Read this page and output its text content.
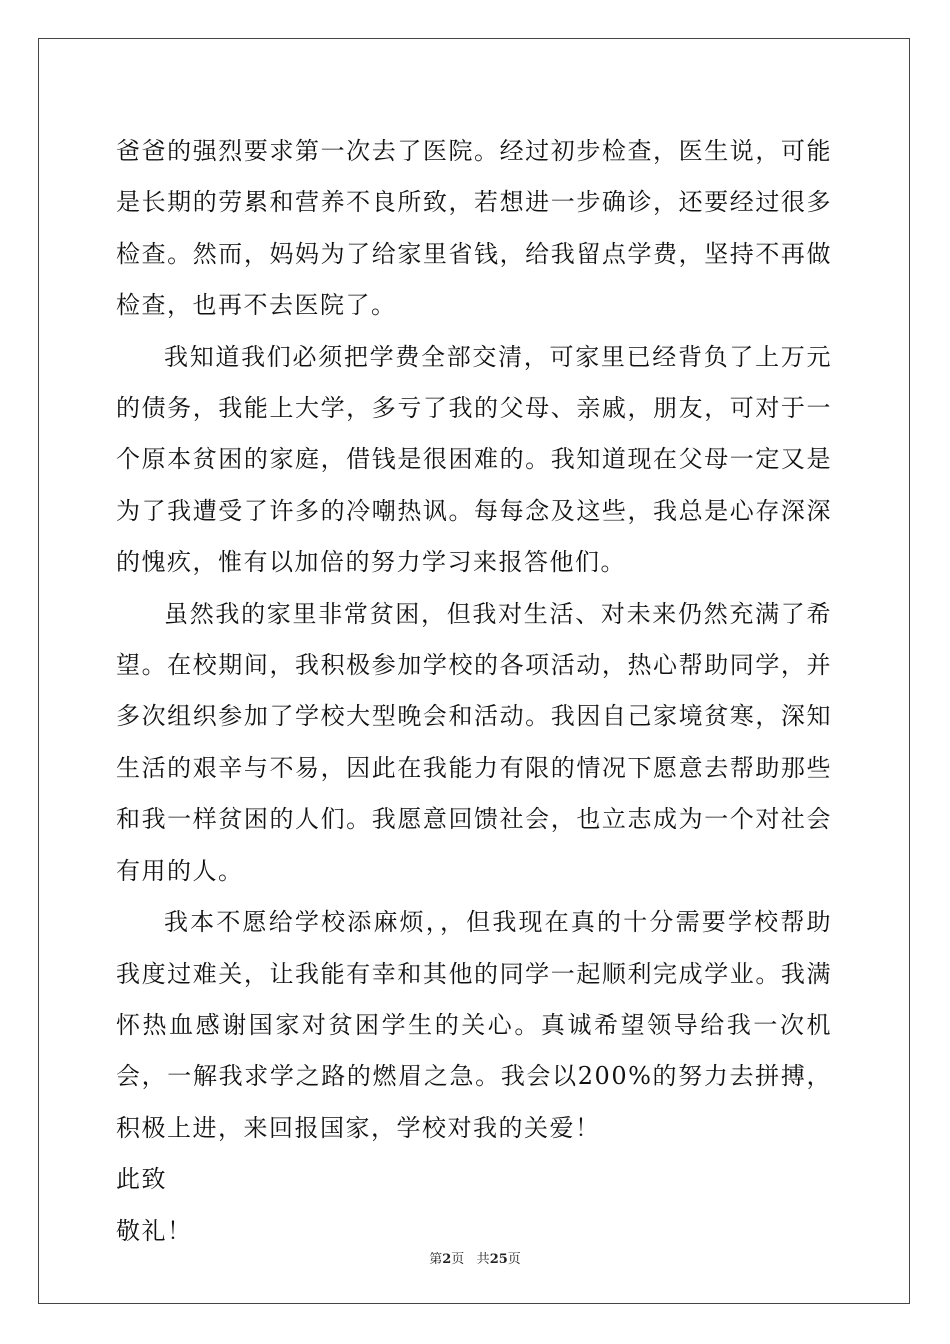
爸爸的强烈要求第一次去了医院。经过初步检查，医生说，可能是长期的劳累和营养不良所致，若想进一步确诊，还要经过很多检查。然而，妈妈为了给家里省钱，给我留点学费，坚持不再做检查，也再不去医院了。

我知道我们必须把学费全部交清，可家里已经背负了上万元的债务，我能上大学，多亏了我的父母、亲戚，朋友，可对于一个原本贫困的家庭，借钱是很困难的。我知道现在父母一定又是为了我遭受了许多的冷嘲热讽。每每念及这些，我总是心存深深的愧疚，惟有以加倍的努力学习来报答他们。

虽然我的家里非常贫困，但我对生活、对未来仍然充满了希望。在校期间，我积极参加学校的各项活动，热心帮助同学，并多次组织参加了学校大型晚会和活动。我因自己家境贫寒，深知生活的艰辛与不易，因此在我能力有限的情况下愿意去帮助那些和我一样贫困的人们。我愿意回馈社会，也立志成为一个对社会有用的人。

我本不愿给学校添麻烦，，但我现在真的十分需要学校帮助我度过难关，让我能有幸和其他的同学一起顺利完成学业。我满怀热血感谢国家对贫困学生的关心。真诚希望领导给我一次机会，一解我求学之路的燃眉之急。我会以200%的努力去拼搏，积极上进，来回报国家，学校对我的关爱！

此致

敬礼！

第2页 共25页
